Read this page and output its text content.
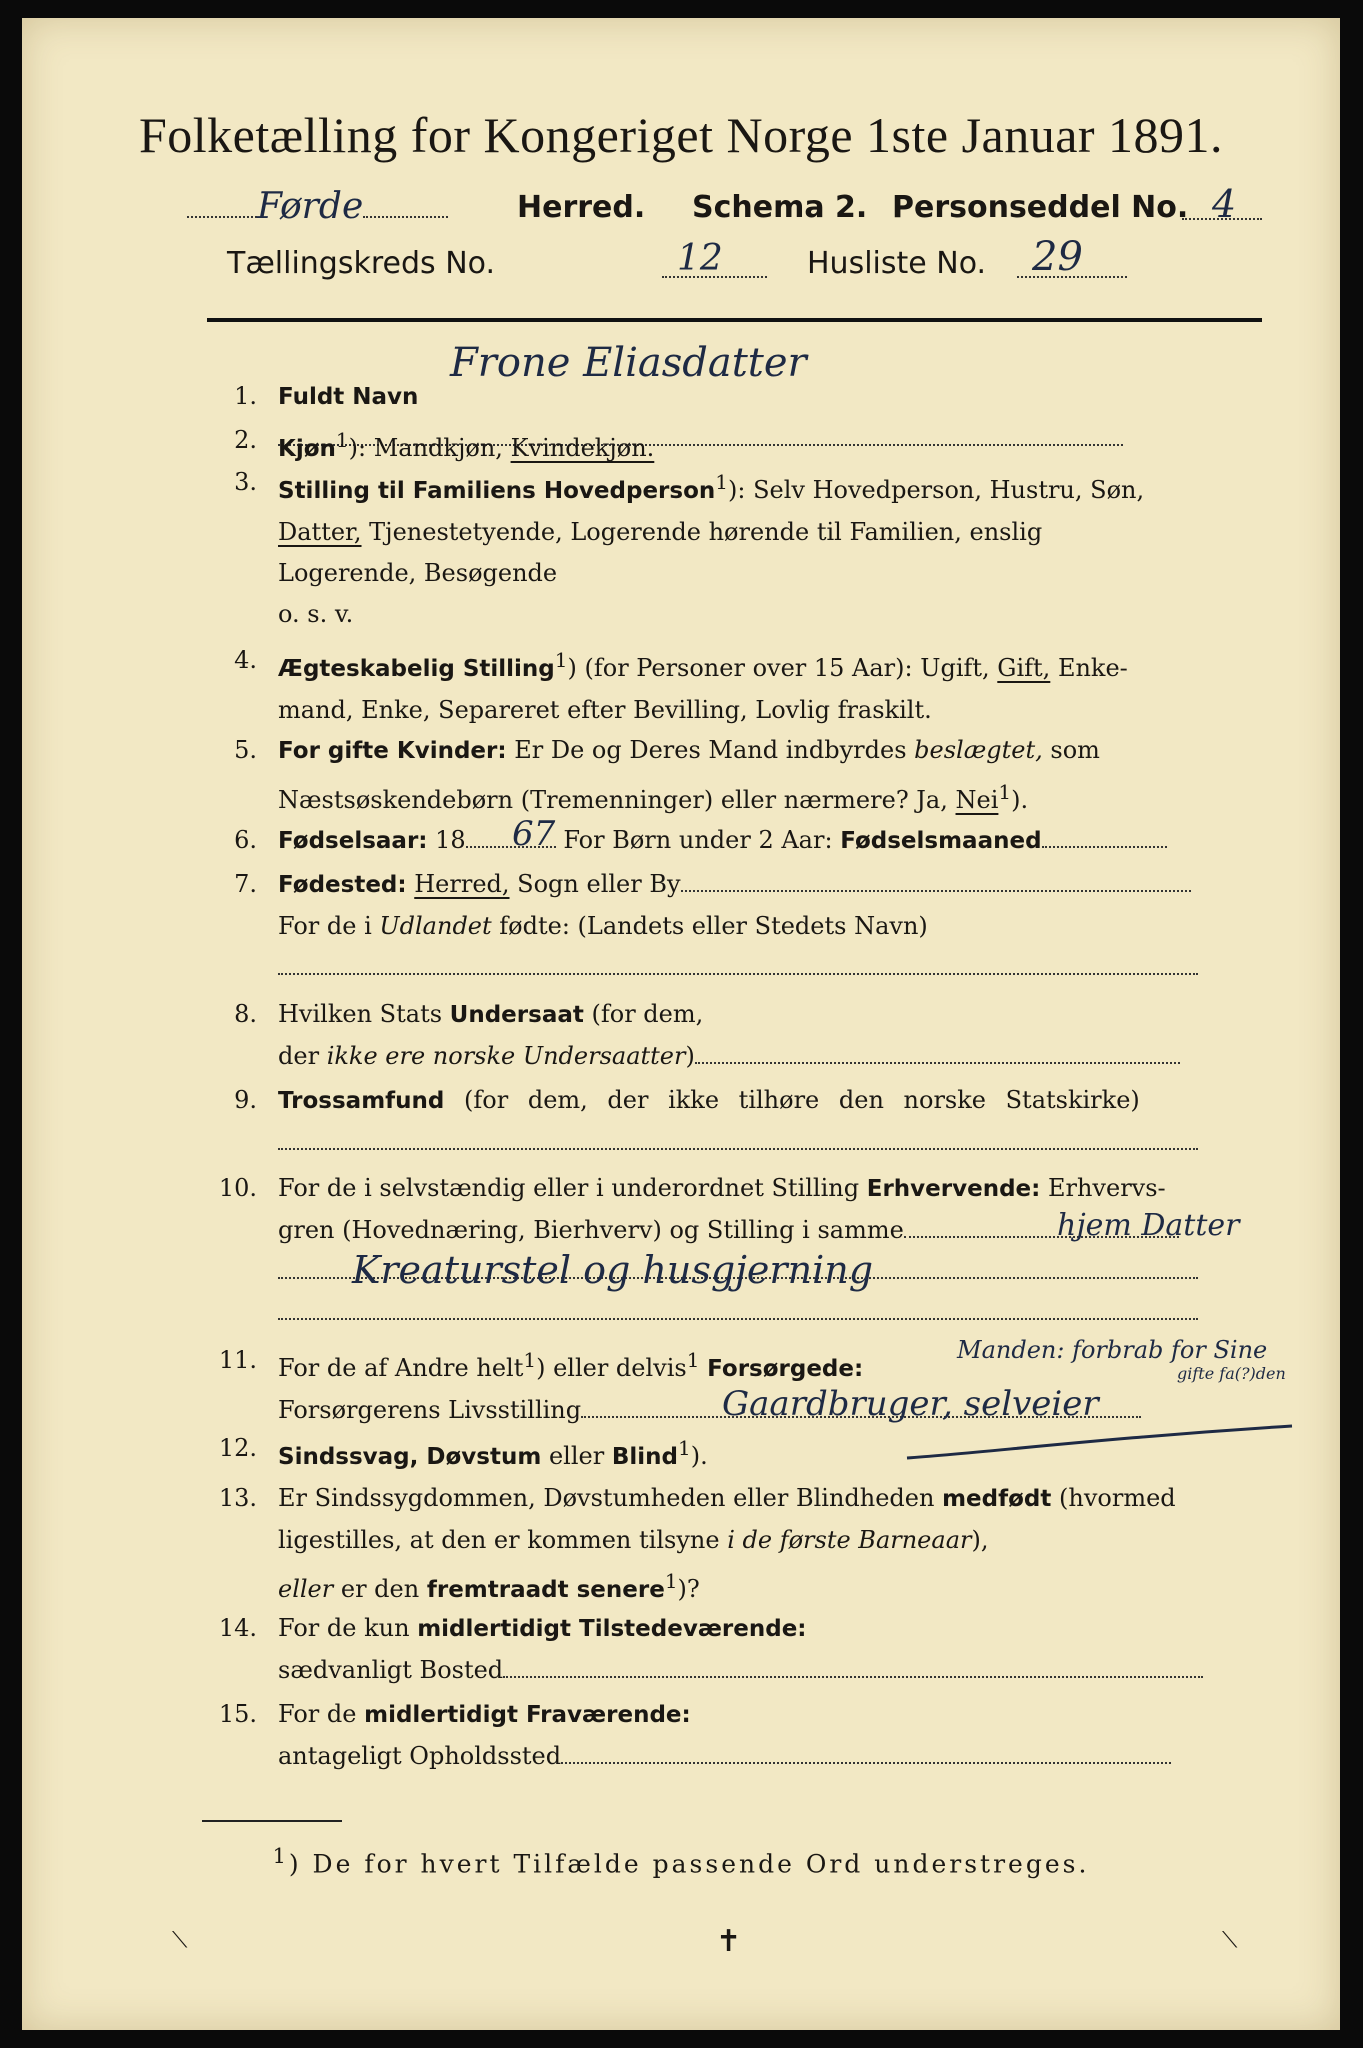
Folketælling for Kongeriget Norge 1ste Januar 1891.
Førde	Herred. Schema 2. Personseddel No. 4
Tællingskreds No.	12	Husliste No. 29
1. Fuldt Navn
Frone Eliasdatter
2. Kjøn$^1$): Mandkjøn, Kvindekjøn.
3. Stilling til Familiens Hovedperson$^1$): Selv Hovedperson, Hustru, Søn,
Datter, Tjenestetyende, Logerende hørende til Familien, enslig
Logerende, Besøgende
o. s. v.
4. Ægteskabelig Stilling$^1$) (for Personer over 15 Aar): Ugift, Gift, Enke-
mand, Enke, Separeret efter Bevilling, Lovlig fraskilt.
5. For gifte Kvinder: Er De og Deres Mand indbyrdes beslægtet, som
Næstsøskendebørn (Tremenninger) eller nærmere? Ja, Nei$^1$).
6. Fødselsaar: 18	For Børn under 2 Aar: Fødselsmaaned
67
7. Fødested: Herred, Sogn eller By
For de i Udlandet fødte: (Landets eller Stedets Navn)
8. Hvilken Stats Undersaat (for dem,
der ikke ere norske Undersaatter)
9. Trossamfund (for dem, der ikke tilhøre den norske Statskirke)
10. For de i selvstændig eller i underordnet Stilling Erhvervende: Erhvervs-
gren (Hovednæring, Bierhverv) og Stilling i samme	hjem Datter
Kreaturstel og husgjerning
11. For de af Andre helt$^1$) eller delvis$^1$ Forsørgede:
Forsørgerens Livsstilling
Manden: forbrab for Sine
gifte fa(?)den
Gaardbruger, selveier
12. Sindssvag, Døvstum eller Blind$^1$).
13. Er Sindssygdommen, Døvstumheden eller Blindheden medfødt (hvormed
ligestilles, at den er kommen tilsyne i de første Barneaar),
eller er den fremtraadt senere$^1$)?
14. For de kun midlertidigt Tilstedeværende:
sædvanligt Bosted
15. For de midlertidigt Fraværende:
antageligt Opholdssted
$^1$) De for hvert Tilfælde passende Ord understreges.
⟍	✝	⟍
